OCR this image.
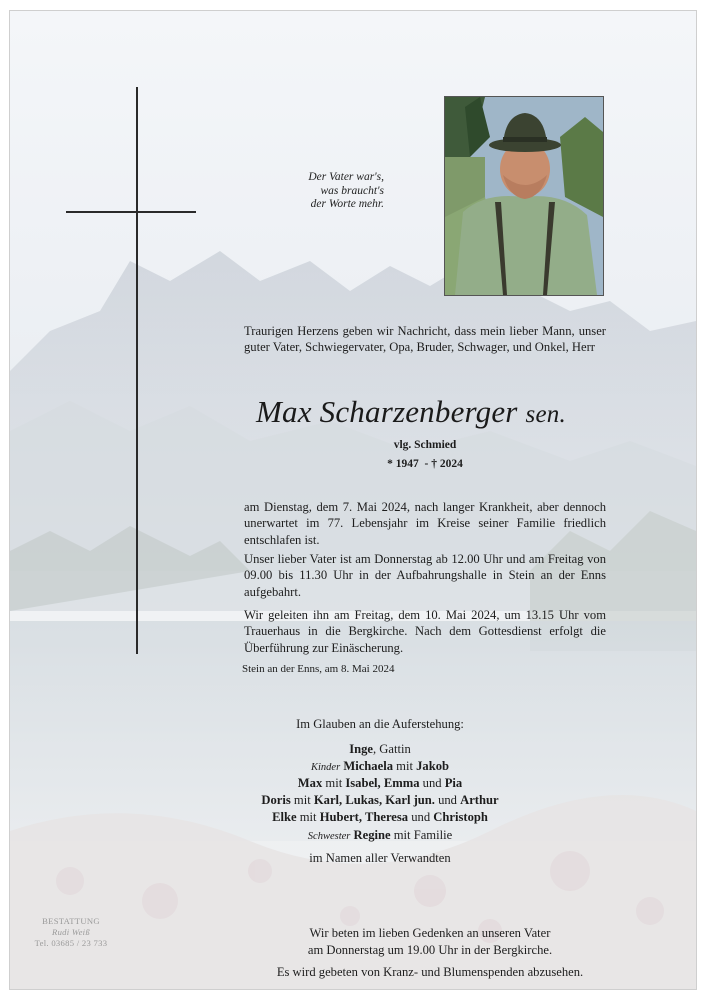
Der Vater war's,
was braucht's
der Worte mehr.
Traurigen Herzens geben wir Nachricht, dass mein lieber Mann, unser guter Vater, Schwiegervater, Opa, Bruder, Schwager, und Onkel, Herr
Max Scharzenberger sen.
vlg. Schmied
* 1947  - † 2024
am Dienstag, dem 7. Mai 2024, nach langer Krankheit, aber dennoch unerwartet im 77. Lebensjahr im Kreise seiner Familie friedlich entschlafen ist.
Unser lieber Vater ist am Donnerstag ab 12.00 Uhr und am Freitag von 09.00 bis 11.30 Uhr in der Aufbahrungshalle in Stein an der Enns aufgebahrt.
Wir geleiten ihn am Freitag, dem 10. Mai 2024, um 13.15 Uhr vom Trauerhaus in die Bergkirche. Nach dem Gottesdienst erfolgt die Überführung zur Einäscherung.
Stein an der Enns, am 8. Mai 2024
Im Glauben an die Auferstehung:
Inge, Gattin
Kinder Michaela mit Jakob
Max mit Isabel, Emma und Pia
Doris mit Karl, Lukas, Karl jun. und Arthur
Elke mit Hubert, Theresa und Christoph
Schwester Regine mit Familie
im Namen aller Verwandten
Wir beten im lieben Gedenken an unseren Vater
am Donnerstag um 19.00 Uhr in der Bergkirche.
Es wird gebeten von Kranz- und Blumenspenden abzusehen.
BESTATTUNG
Rudi Weiß
Tel. 03685 / 23 733
